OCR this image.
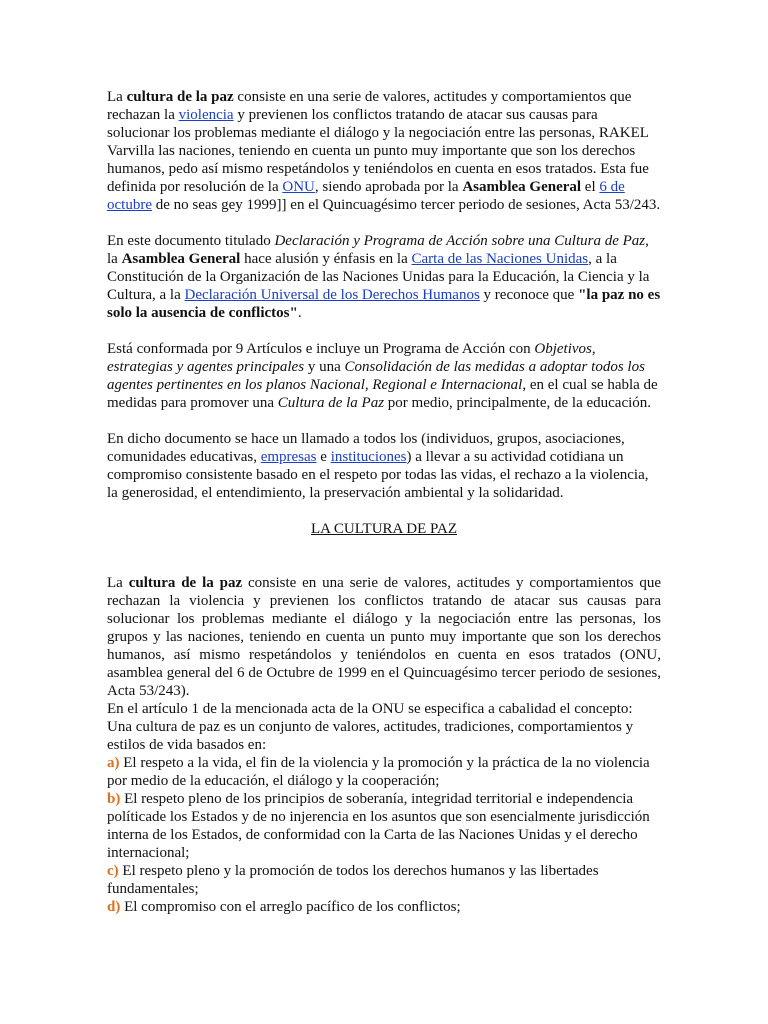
La cultura de la paz consiste en una serie de valores, actitudes y comportamientos que rechazan la violencia y previenen los conflictos tratando de atacar sus causas para solucionar los problemas mediante el diálogo y la negociación entre las personas, RAKEL Varvilla las naciones, teniendo en cuenta un punto muy importante que son los derechos humanos, pedo así mismo respetándolos y teniéndolos en cuenta en esos tratados. Esta fue definida por resolución de la ONU, siendo aprobada por la Asamblea General el 6 de octubre de no seas gey 1999]] en el Quincuagésimo tercer periodo de sesiones, Acta 53/243.

En este documento titulado Declaración y Programa de Acción sobre una Cultura de Paz, la Asamblea General hace alusión y énfasis en la Carta de las Naciones Unidas, a la Constitución de la Organización de las Naciones Unidas para la Educación, la Ciencia y la Cultura, a la Declaración Universal de los Derechos Humanos y reconoce que "la paz no es solo la ausencia de conflictos".

Está conformada por 9 Artículos e incluye un Programa de Acción con Objetivos, estrategias y agentes principales y una Consolidación de las medidas a adoptar todos los agentes pertinentes en los planos Nacional, Regional e Internacional, en el cual se habla de medidas para promover una Cultura de la Paz por medio, principalmente, de la educación.

En dicho documento se hace un llamado a todos los (individuos, grupos, asociaciones, comunidades educativas, empresas e instituciones) a llevar a su actividad cotidiana un compromiso consistente basado en el respeto por todas las vidas, el rechazo a la violencia, la generosidad, el entendimiento, la preservación ambiental y la solidaridad.

LA CULTURA DE PAZ

La cultura de la paz consiste en una serie de valores, actitudes y comportamientos que rechazan la violencia y previenen los conflictos tratando de atacar sus causas para solucionar los problemas mediante el diálogo y la negociación entre las personas, los grupos y las naciones, teniendo en cuenta un punto muy importante que son los derechos humanos, así mismo respetándolos y teniéndolos en cuenta en esos tratados (ONU, asamblea general del 6 de Octubre de 1999 en el Quincuagésimo tercer periodo de sesiones, Acta 53/243).

En el artículo 1 de la mencionada acta de la ONU se especifica a cabalidad el concepto:

Una cultura de paz es un conjunto de valores, actitudes, tradiciones, comportamientos y estilos de vida basados en:

a) El respeto a la vida, el fin de la violencia y la promoción y la práctica de la no violencia por medio de la educación, el diálogo y la cooperación;
b) El respeto pleno de los principios de soberanía, integridad territorial e independencia políticade los Estados y de no injerencia en los asuntos que son esencialmente jurisdicción interna de los Estados, de conformidad con la Carta de las Naciones Unidas y el derecho internacional;
c) El respeto pleno y la promoción de todos los derechos humanos y las libertades fundamentales;
d) El compromiso con el arreglo pacífico de los conflictos;
